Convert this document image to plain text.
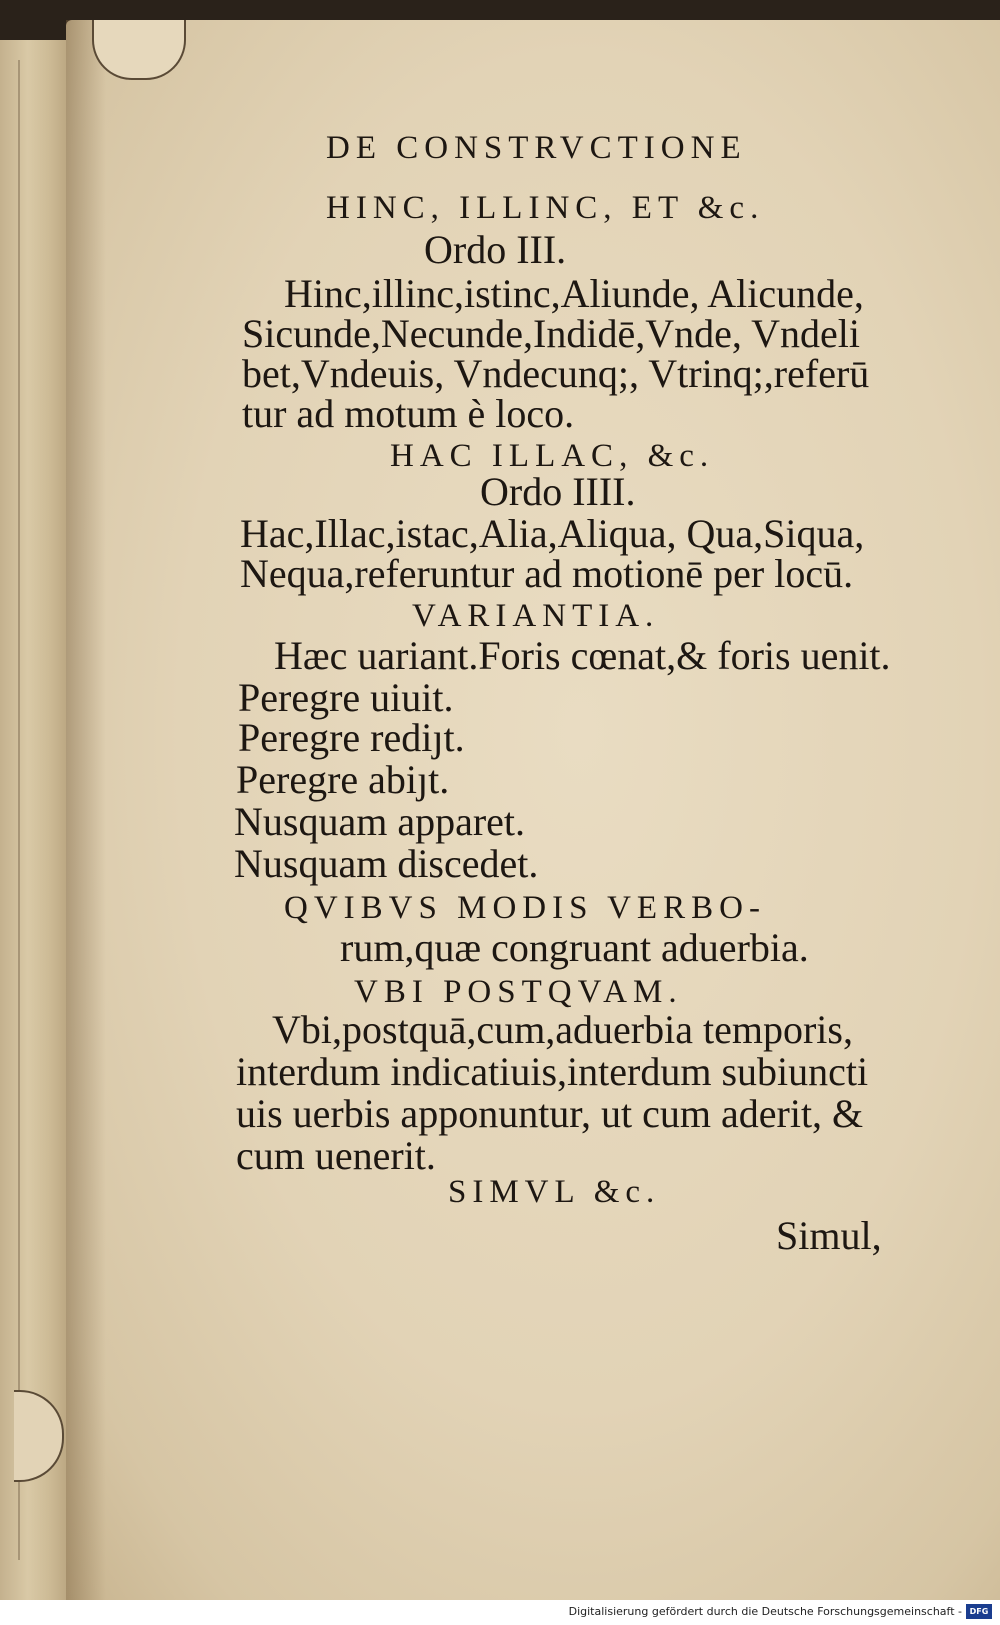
DE CONSTRVCTIONE
HINC, ILLINC, ET &c.
Ordo III.
Hinc,illinc,istinc,Aliunde, Alicunde,
Sicunde,Necunde,Indidē,Vnde, Vndeli
bet,Vndeuis, Vndecunq;, Vtrinq;,referū
tur ad motum è loco.
HAC ILLAC, &c.
Ordo IIII.
Hac,Illac,istac,Alia,Aliqua, Qua,Siqua,
Nequa,referuntur ad motionē per locū.
VARIANTIA.
Hæc uariant.Foris cœnat,& foris uenit.
Peregre uiuit.
Peregre rediȷt.
Peregre abiȷt.
Nusquam apparet.
Nusquam discedet.
QVIBVS MODIS VERBO-
rum,quæ congruant aduerbia.
VBI POSTQVAM.
Vbi,postquā,cum,aduerbia temporis,
interdum indicatiuis,interdum subiuncti
uis uerbis apponuntur, ut cum aderit, &
cum uenerit.
SIMVL &c.
Simul,
Digitalisierung gefördert durch die Deutsche Forschungsgemeinschaft - DFG
